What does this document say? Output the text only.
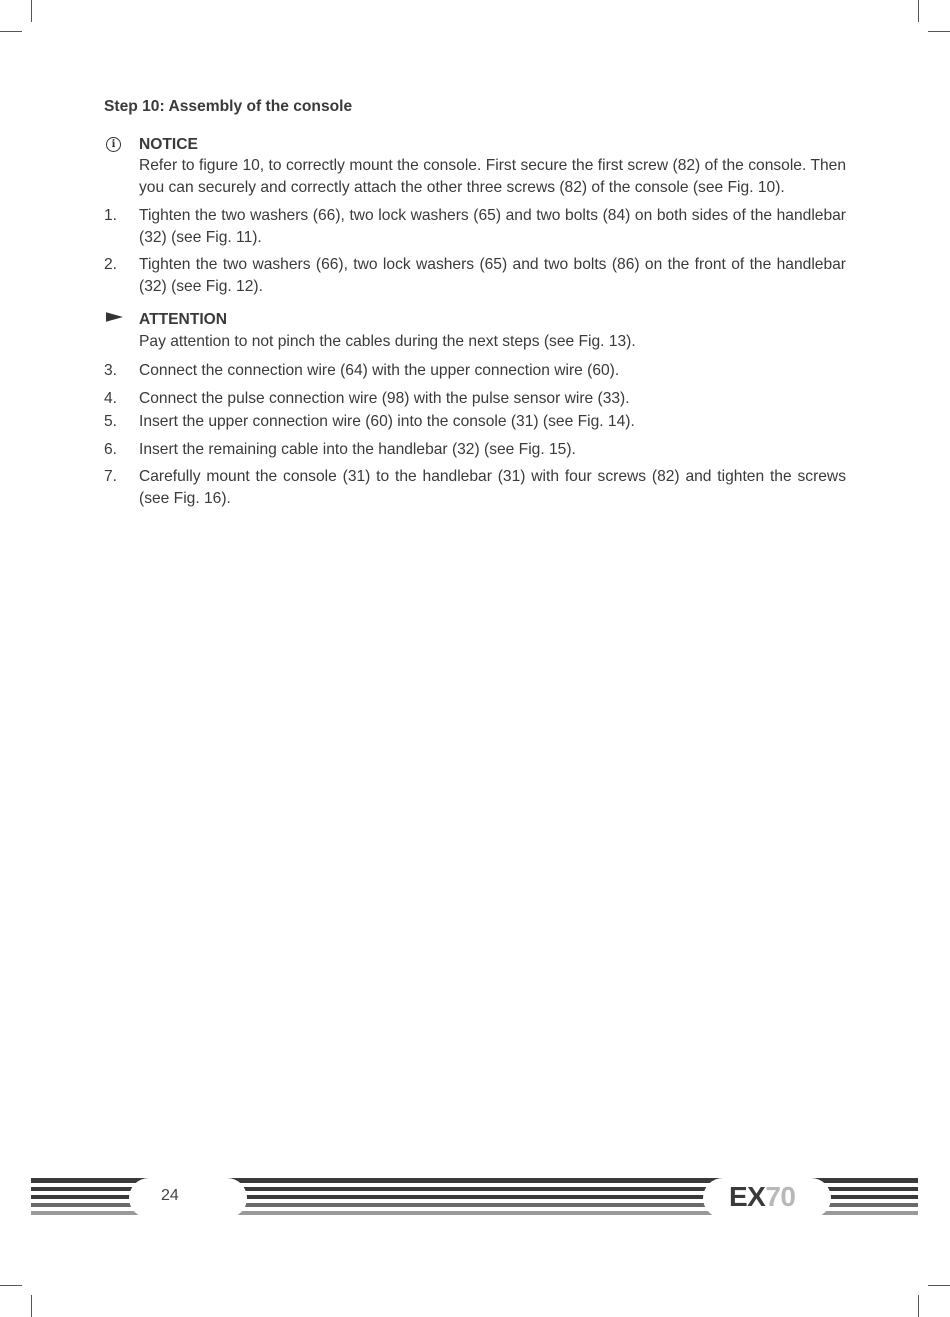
Step 10: Assembly of the console
i	NOTICE
Refer to figure 10, to correctly mount the console. First secure the first screw (82) of the console. Then you can securely and correctly attach the other three screws (82) of the console (see Fig. 10).
1. Tighten the two washers (66), two lock washers (65) and two bolts (84) on both sides of the handlebar (32) (see Fig. 11).
2. Tighten the two washers (66), two lock washers (65) and two bolts (86) on the front of the handlebar (32) (see Fig. 12).
ATTENTION
Pay attention to not pinch the cables during the next steps (see Fig. 13).
3. Connect the connection wire (64) with the upper connection wire (60).
4. Connect the pulse connection wire (98) with the pulse sensor wire (33).
5. Insert the upper connection wire (60) into the console (31) (see Fig. 14).
6. Insert the remaining cable into the handlebar (32) (see Fig. 15).
7. Carefully mount the console (31) to the handlebar (31) with four screws (82) and tighten the screws (see Fig. 16).
24	EX70
